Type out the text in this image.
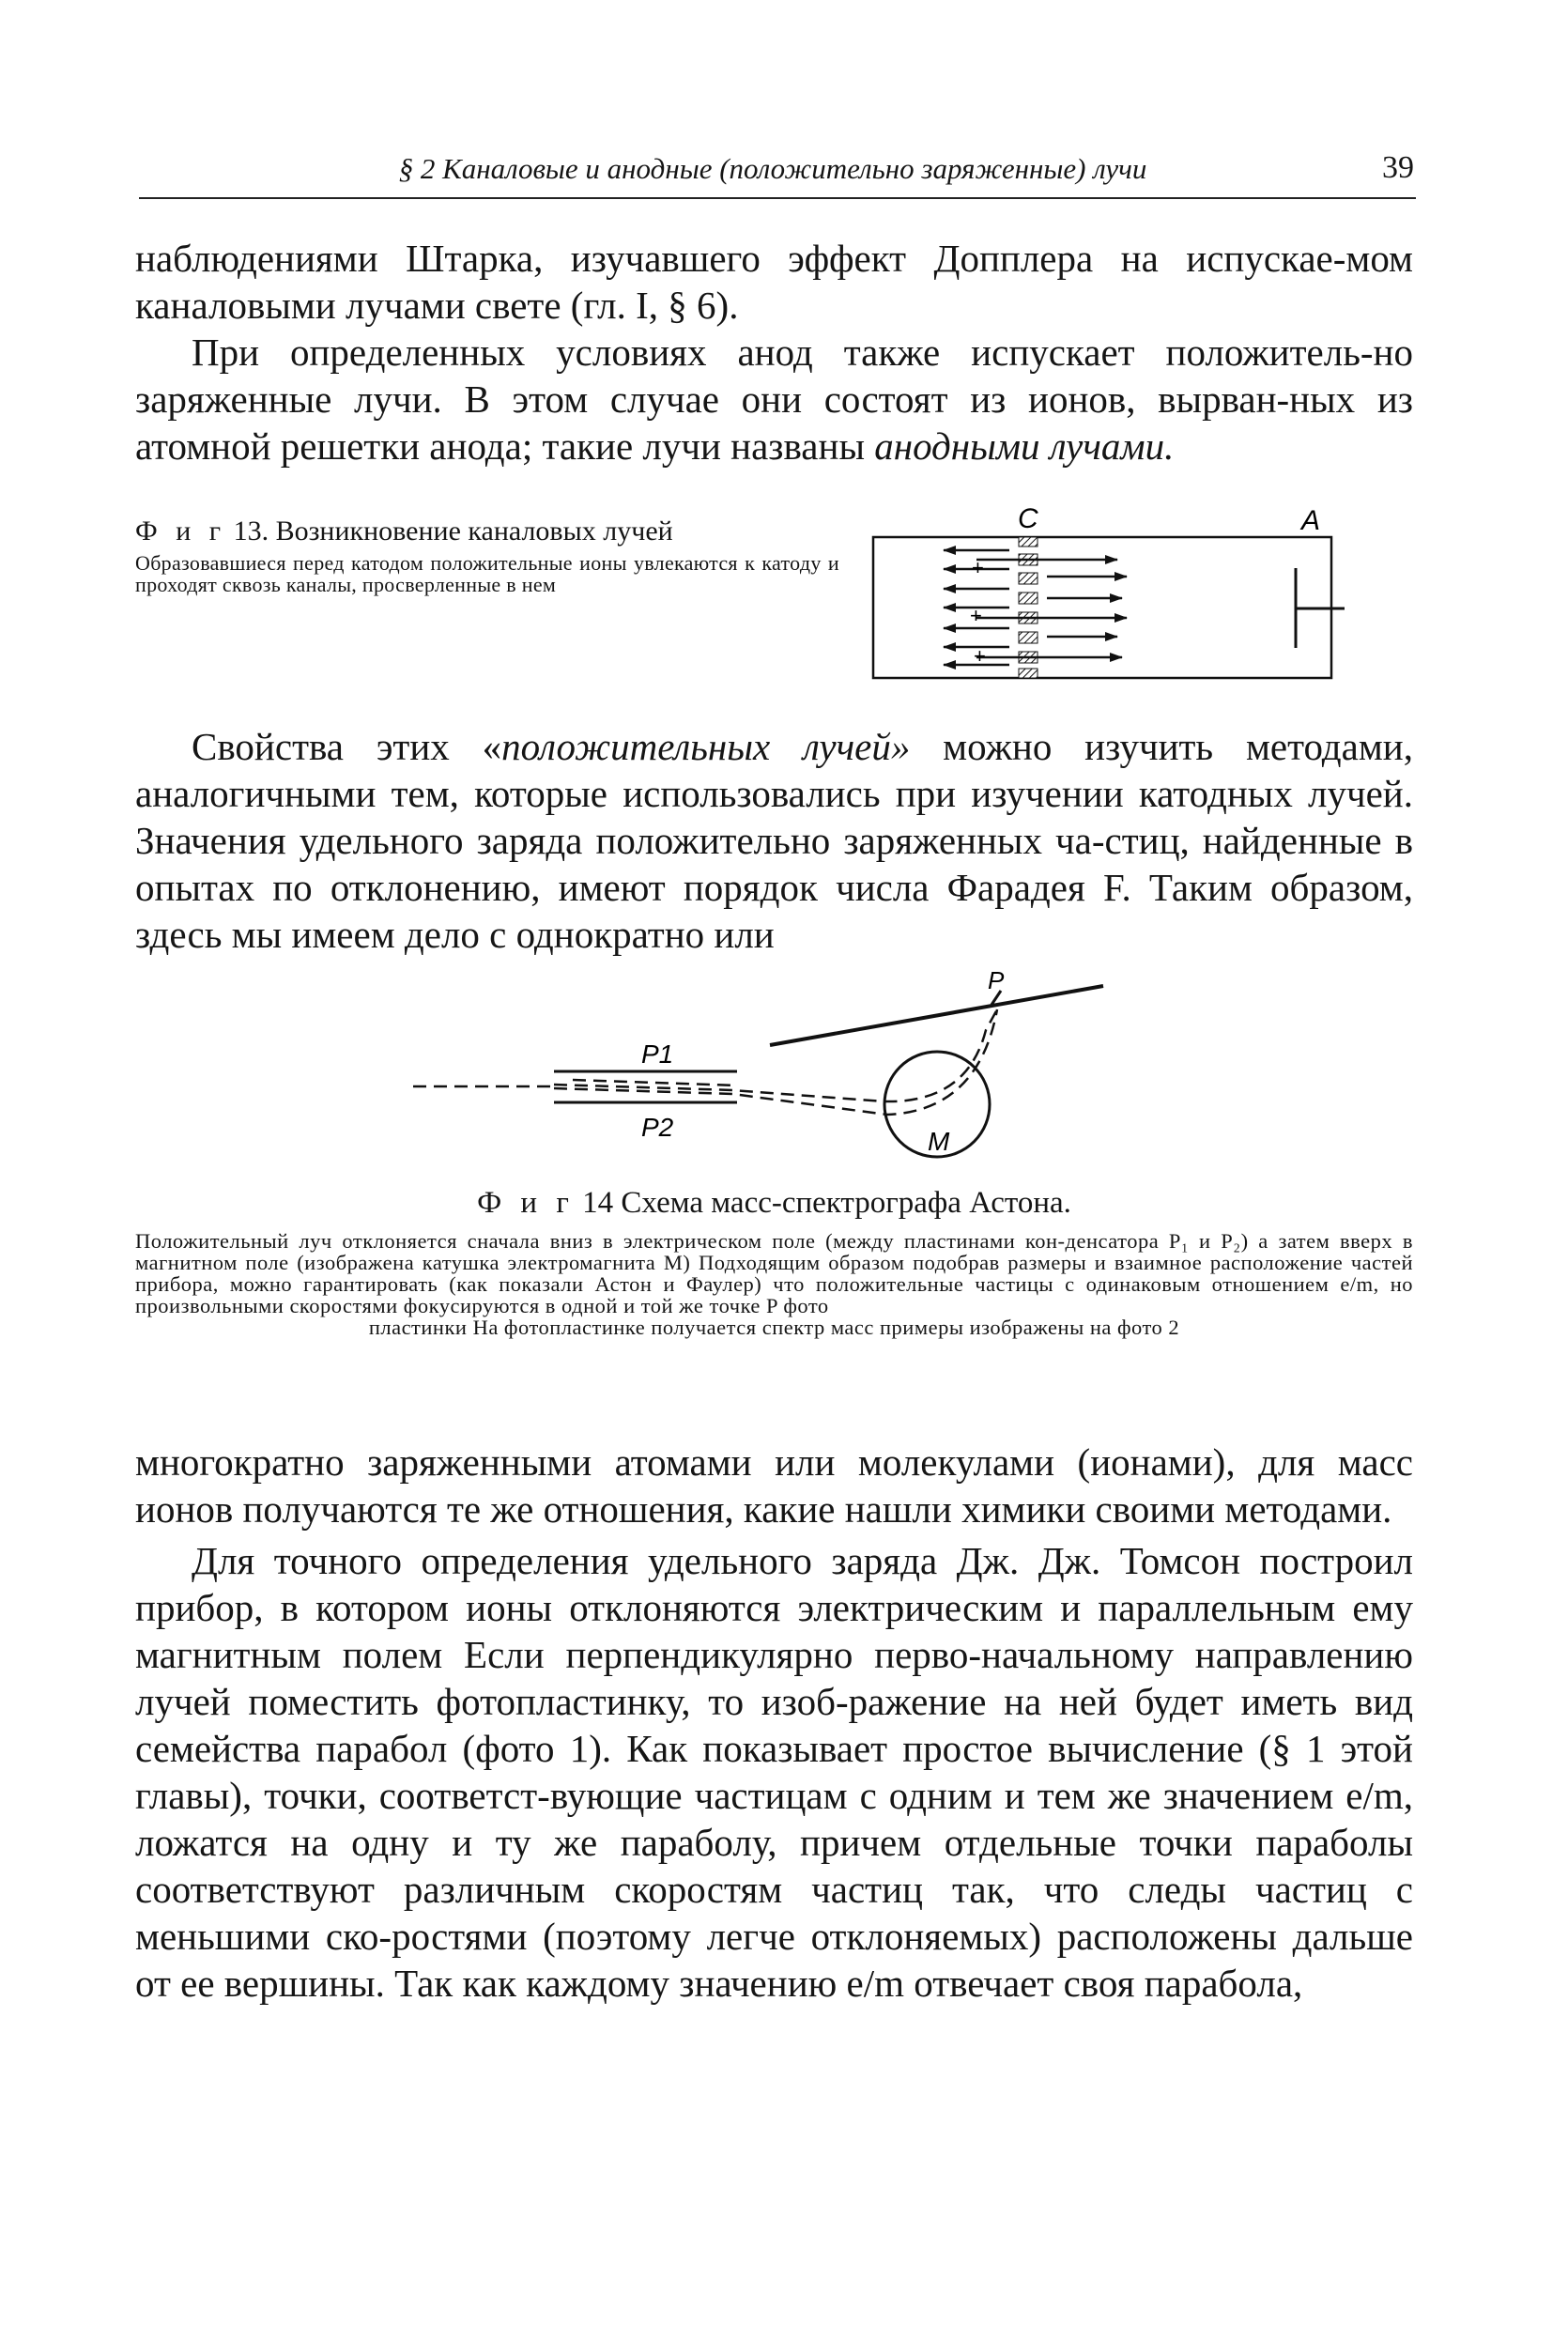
§ 2 Каналовые и анодные (положительно заряженные) лучи	39

наблюдениями Штарка, изучавшего эффект Допплера на испускае-мом каналовыми лучами свете (гл. I, § 6).

При определенных условиях анод также испускает положитель-но заряженные лучи. В этом случае они состоят из ионов, вырван-ных из атомной решетки анода; такие лучи названы анодными лучами.

Ф и г 13. Возникновение каналовых лучей
Образовавшиеся перед катодом положительные ионы увлекаются к катоду и проходят сквозь каналы, просверленные в нем
С	А
+
+
+

Свойства этих «положительных лучей» можно изучить методами, аналогичными тем, которые использовались при изучении катодных лучей. Значения удельного заряда положительно заряженных ча-стиц, найденные в опытах по отклонению, имеют порядок числа Фарадея F. Таким образом, здесь мы имеем дело с однократно или

P
P1
P2	M
Ф и г 14 Схема масс-спектрографа Астона.
Положительный луч отклоняется сначала вниз в электрическом поле (между пластинами кон-денсатора P₁ и P₂) а затем вверх в магнитном поле (изображена катушка электромагнита M) Подходящим образом подобрав размеры и взаимное расположение частей прибора, можно гарантировать (как показали Астон и Фаулер) что положительные частицы с одинаковым отношением e/m, но произвольными скоростями фокусируются в одной и той же точке P фото
пластинки На фотопластинке получается спектр масс примеры изображены на фото 2

многократно заряженными атомами или молекулами (ионами), для масс ионов получаются те же отношения, какие нашли химики своими методами.

Для точного определения удельного заряда Дж. Дж. Томсон построил прибор, в котором ионы отклоняются электрическим и параллельным ему магнитным полем Если перпендикулярно перво-начальному направлению лучей поместить фотопластинку, то изоб-ражение на ней будет иметь вид семейства парабол (фото 1). Как показывает простое вычисление (§ 1 этой главы), точки, соответст-вующие частицам с одним и тем же значением e/m, ложатся на одну и ту же параболу, причем отдельные точки параболы соответствуют различным скоростям частиц так, что следы частиц с меньшими ско-ростями (поэтому легче отклоняемых) расположены дальше от ее вершины. Так как каждому значению e/m отвечает своя парабола,
